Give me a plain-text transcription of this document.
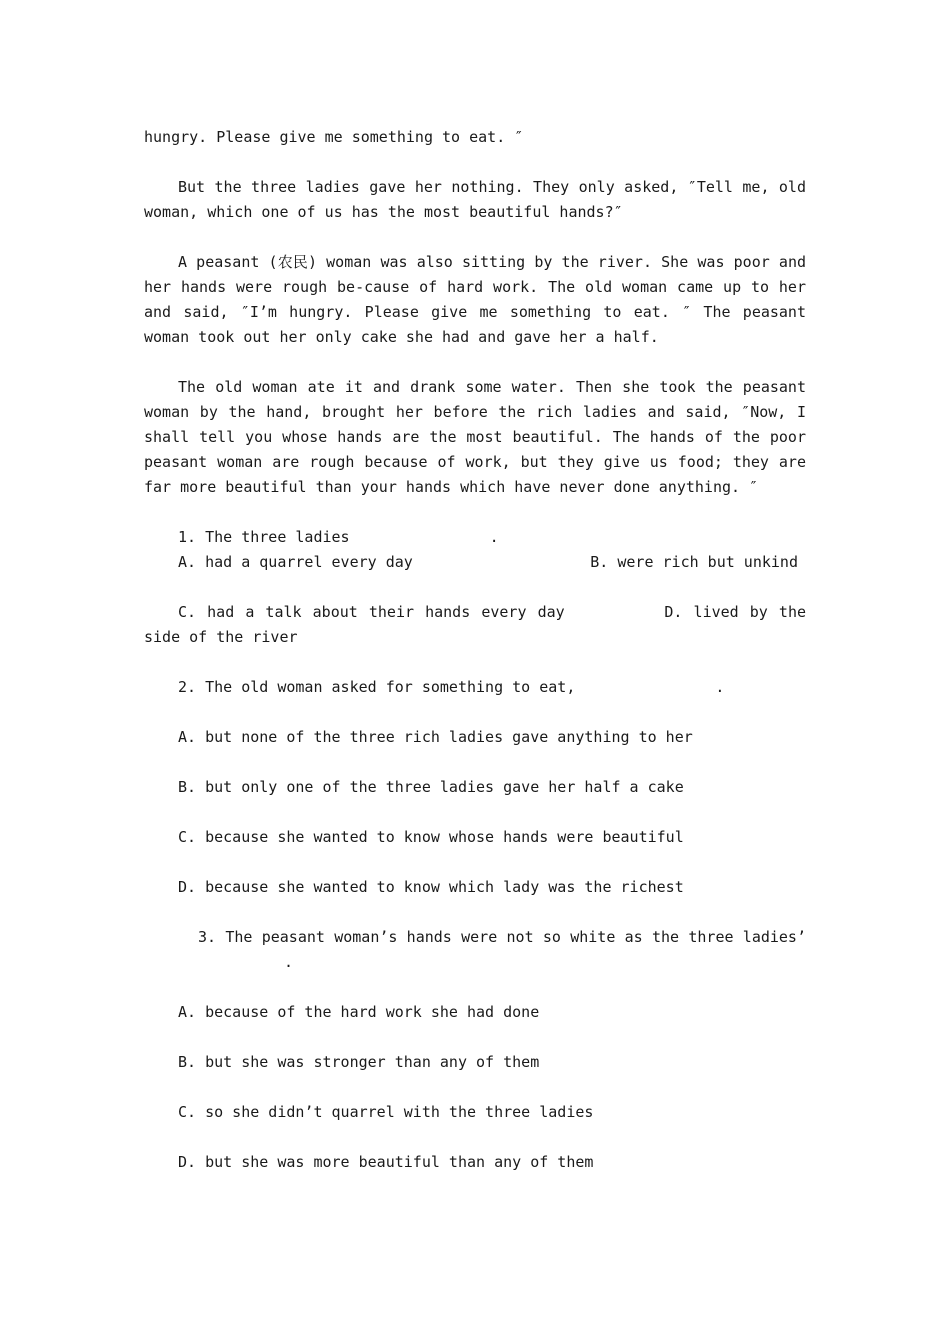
hungry. Please give me something to eat. ″

But the three ladies gave her nothing. They only asked, ″Tell me, old woman, which one of us has the most beautiful hands?″

A peasant (农民) woman was also sitting by the river. She was poor and her hands were rough be-cause of hard work. The old woman came up to her and said, ″I’m hungry. Please give me something to eat. ″ The peasant woman took out her only cake she had and gave her a half.

The old woman ate it and drank some water. Then she took the peasant woman by the hand, brought her before the rich ladies and said, ″Now, I shall tell you whose hands are the most beautiful. The hands of the poor peasant woman are rough because of work, but they give us food; they are far more beautiful than your hands which have never done anything. ″

1. The three ladies	.

A. had a quarrel every day	B. were rich but unkind

C. had a talk about their hands every day	D. lived by the side of the river

2. The old woman asked for something to eat,	.

A. but none of the three rich ladies gave anything to her

B. but only one of the three ladies gave her half a cake

C. because she wanted to know whose hands were beautiful

D. because she wanted to know which lady was the richest

3. The peasant woman’s hands were not so white as the three ladies’.

A. because of the hard work she had done

B. but she was stronger than any of them

C. so she didn’t quarrel with the three ladies

D. but she was more beautiful than any of them
